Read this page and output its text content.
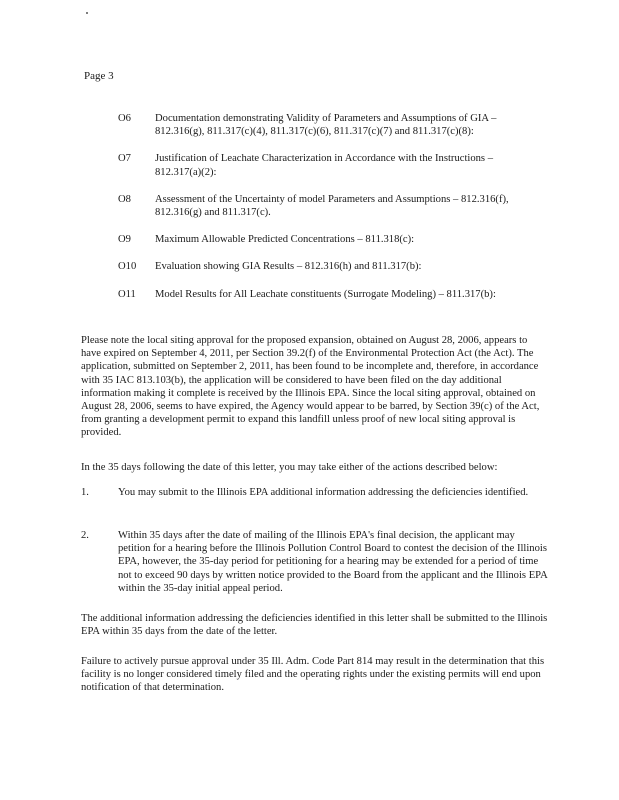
Page 3
O6	Documentation demonstrating Validity of Parameters and Assumptions of GIA – 812.316(g), 811.317(c)(4), 811.317(c)(6), 811.317(c)(7) and 811.317(c)(8):
O7	Justification of Leachate Characterization in Accordance with the Instructions – 812.317(a)(2):
O8	Assessment of the Uncertainty of model Parameters and Assumptions – 812.316(f), 812.316(g) and 811.317(c).
O9	Maximum Allowable Predicted Concentrations – 811.318(c):
O10	Evaluation showing GIA Results – 812.316(h) and 811.317(b):
O11	Model Results for All Leachate constituents (Surrogate Modeling) – 811.317(b):

Please note the local siting approval for the proposed expansion, obtained on August 28, 2006, appears to have expired on September 4, 2011, per Section 39.2(f) of the Environmental Protection Act (the Act). The application, submitted on September 2, 2011, has been found to be incomplete and, therefore, in accordance with 35 IAC 813.103(b), the application will be considered to have been filed on the day additional information making it complete is received by the Illinois EPA. Since the local siting approval, obtained on August 28, 2006, seems to have expired, the Agency would appear to be barred, by Section 39(c) of the Act, from granting a development permit to expand this landfill unless proof of new local siting approval is provided.

In the 35 days following the date of this letter, you may take either of the actions described below:

1.	You may submit to the Illinois EPA additional information addressing the deficiencies identified.
2.	Within 35 days after the date of mailing of the Illinois EPA's final decision, the applicant may petition for a hearing before the Illinois Pollution Control Board to contest the decision of the Illinois EPA, however, the 35-day period for petitioning for a hearing may be extended for a period of time not to exceed 90 days by written notice provided to the Board from the applicant and the Illinois EPA within the 35-day initial appeal period.

The additional information addressing the deficiencies identified in this letter shall be submitted to the Illinois EPA within 35 days from the date of the letter.

Failure to actively pursue approval under 35 Ill. Adm. Code Part 814 may result in the determination that this facility is no longer considered timely filed and the operating rights under the existing permits will end upon notification of that determination.
